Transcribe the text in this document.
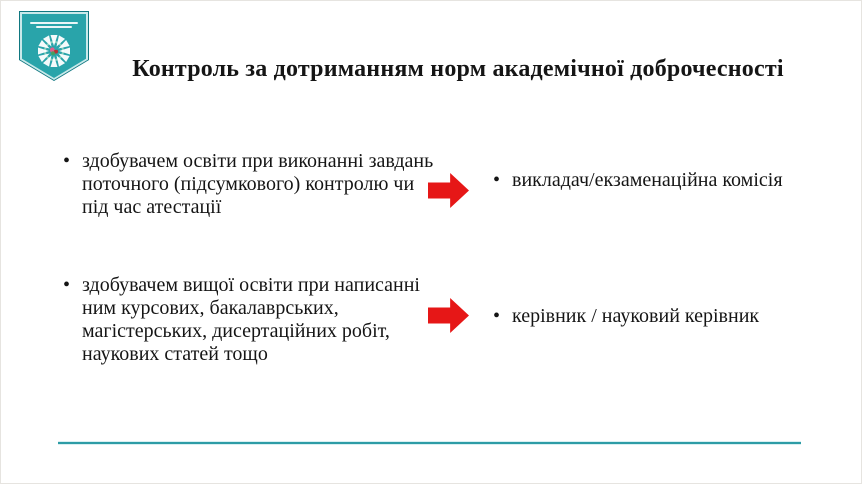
Контроль за дотриманням норм академічної доброчесності
• здобувачем освіти при виконанні завдань
поточного (підсумкового) контролю чи
під час атестації
• викладач/екзаменаційна комісія
• здобувачем вищої освіти при написанні
ним курсових, бакалаврських,
магістерських, дисертаційних робіт,
наукових статей тощо
• керівник / науковий керівник
